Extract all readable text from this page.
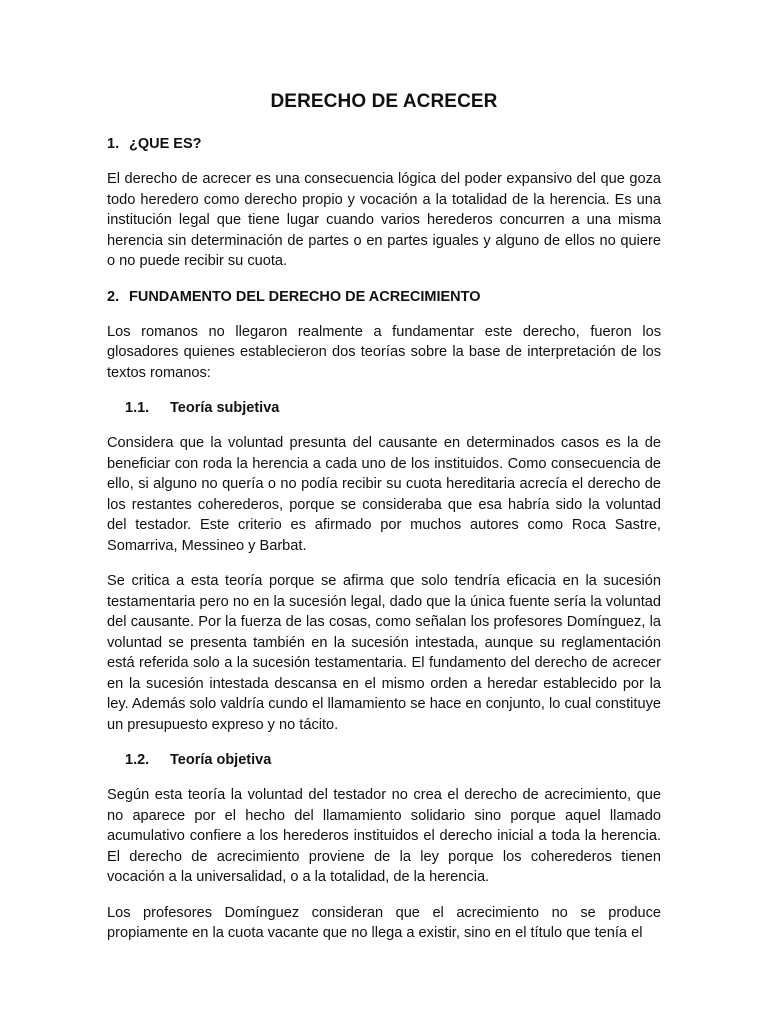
DERECHO DE ACRECER
1. ¿QUE ES?

El derecho de acrecer es una consecuencia lógica del poder expansivo del que goza todo heredero como derecho propio y vocación a la totalidad de la herencia. Es una institución legal que tiene lugar cuando varios herederos concurren a una misma herencia sin determinación de partes o en partes iguales y alguno de ellos no quiere o no puede recibir su cuota.

2. FUNDAMENTO DEL DERECHO DE ACRECIMIENTO

Los romanos no llegaron realmente a fundamentar este derecho, fueron los glosadores quienes establecieron dos teorías sobre la base de interpretación de los textos romanos:

1.1. Teoría subjetiva

Considera que la voluntad presunta del causante en determinados casos es la de beneficiar con roda la herencia a cada uno de los instituidos. Como consecuencia de ello, si alguno no quería o no podía recibir su cuota hereditaria acrecía el derecho de los restantes coherederos, porque se consideraba que esa habría sido la voluntad del testador. Este criterio es afirmado por muchos autores como Roca Sastre, Somarriva, Messineo y Barbat.

Se critica a esta teoría porque se afirma que solo tendría eficacia en la sucesión testamentaria pero no en la sucesión legal, dado que la única fuente sería la voluntad del causante. Por la fuerza de las cosas, como señalan los profesores Domínguez, la voluntad se presenta también en la sucesión intestada, aunque su reglamentación está referida solo a la sucesión testamentaria. El fundamento del derecho de acrecer en la sucesión intestada descansa en el mismo orden a heredar establecido por la ley. Además solo valdría cundo el llamamiento se hace en conjunto, lo cual constituye un presupuesto expreso y no tácito.

1.2. Teoría objetiva

Según esta teoría la voluntad del testador no crea el derecho de acrecimiento, que no aparece por el hecho del llamamiento solidario sino porque aquel llamado acumulativo confiere a los herederos instituidos el derecho inicial a toda la herencia. El derecho de acrecimiento proviene de la ley porque los coherederos tienen vocación a la universalidad, o a la totalidad, de la herencia.

Los profesores Domínguez consideran que el acrecimiento no se produce propiamente en la cuota vacante que no llega a existir, sino en el título que tenía el
